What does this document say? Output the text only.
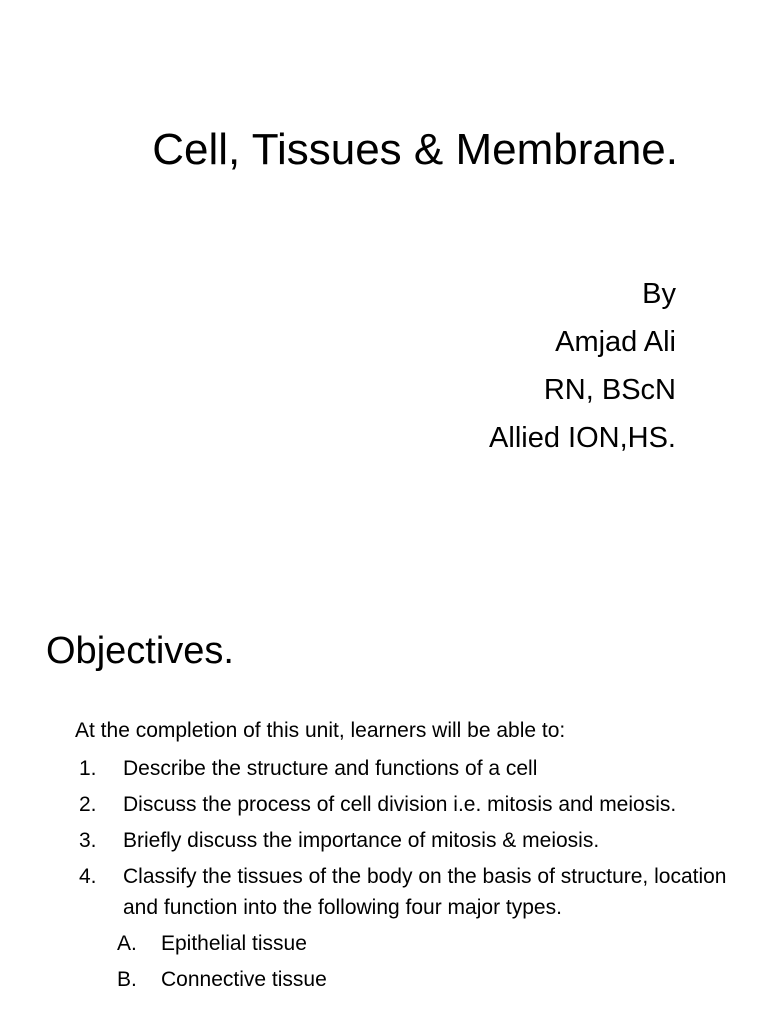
Cell, Tissues & Membrane.
By
Amjad Ali
RN, BScN
Allied ION,HS.
Objectives.
At the completion of this unit, learners will be able to:
1. Describe the structure and functions of a cell
2. Discuss the process of cell division i.e. mitosis and meiosis.
3. Briefly discuss the importance of mitosis & meiosis.
4. Classify the tissues of the body on the basis of structure, location and function into the following four major types.
A. Epithelial tissue
B. Connective tissue
